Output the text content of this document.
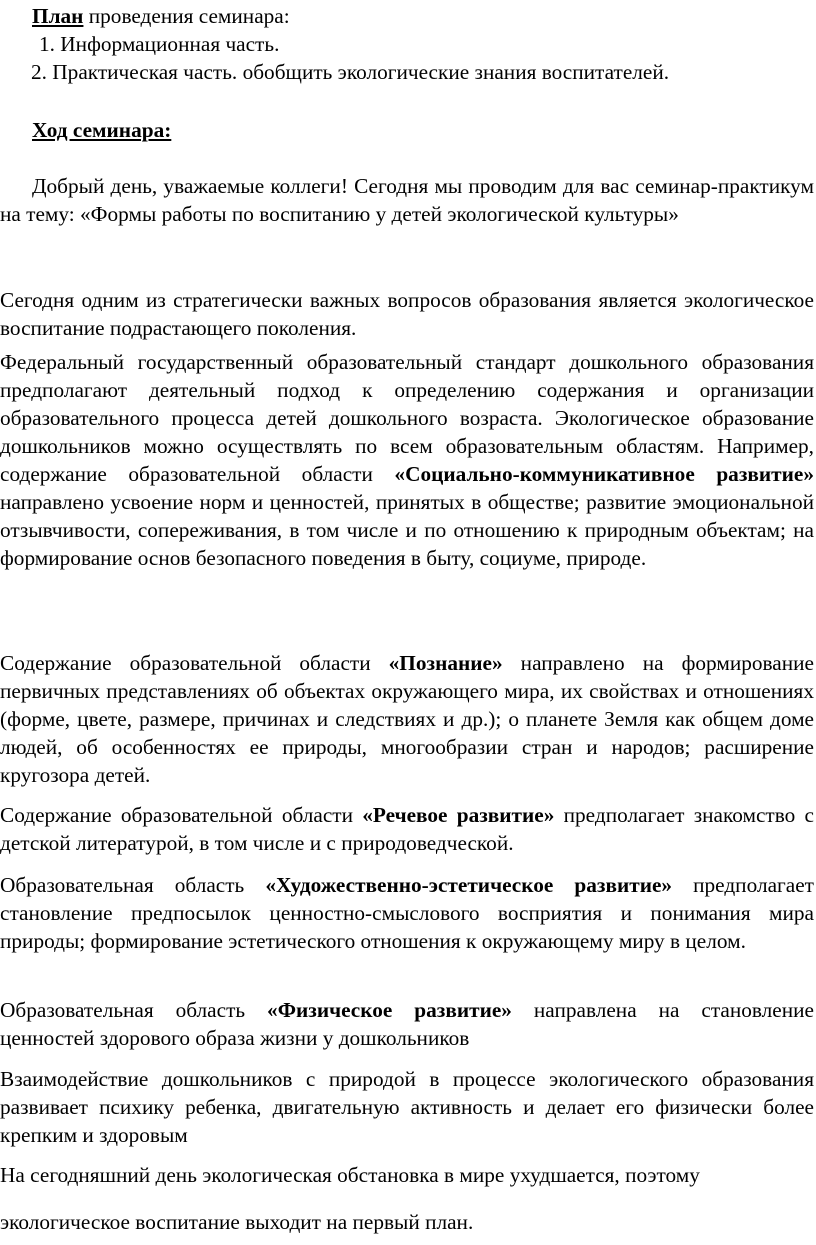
План проведения семинара:

1. Информационная часть.

2. Практическая часть. обобщить экологические знания воспитателей.

Ход семинара:

Добрый день, уважаемые коллеги! Сегодня мы проводим для вас семинар-практикум на тему: «Формы работы по воспитанию у детей экологической культуры»

Сегодня одним из стратегически важных вопросов образования является экологическое воспитание подрастающего поколения.

Федеральный государственный образовательный стандарт дошкольного образования предполагают деятельный подход к определению содержания и организации образовательного процесса детей дошкольного возраста. Экологическое образование дошкольников можно осуществлять по всем образовательным областям. Например, содержание образовательной области «Социально-коммуникативное развитие» направлено усвоение норм и ценностей, принятых в обществе; развитие эмоциональной отзывчивости, сопереживания, в том числе и по отношению к природным объектам; на формирование основ безопасного поведения в быту, социуме, природе.

Содержание образовательной области «Познание» направлено на формирование первичных представлениях об объектах окружающего мира, их свойствах и отношениях (форме, цвете, размере, причинах и следствиях и др.); о планете Земля как общем доме людей, об особенностях ее природы, многообразии стран и народов; расширение кругозора детей.

Содержание образовательной области «Речевое развитие» предполагает знакомство с детской литературой, в том числе и с природоведческой.

Образовательная область «Художественно-эстетическое развитие» предполагает становление предпосылок ценностно-смыслового восприятия и понимания мира природы; формирование эстетического отношения к окружающему миру в целом.

Образовательная область «Физическое развитие» направлена на становление ценностей здорового образа жизни у дошкольников

Взаимодействие дошкольников с природой в процессе экологического образования развивает психику ребенка, двигательную активность и делает его физически более крепким и здоровым

На сегодняшний день экологическая обстановка в мире ухудшается, поэтому

экологическое воспитание выходит на первый план.
